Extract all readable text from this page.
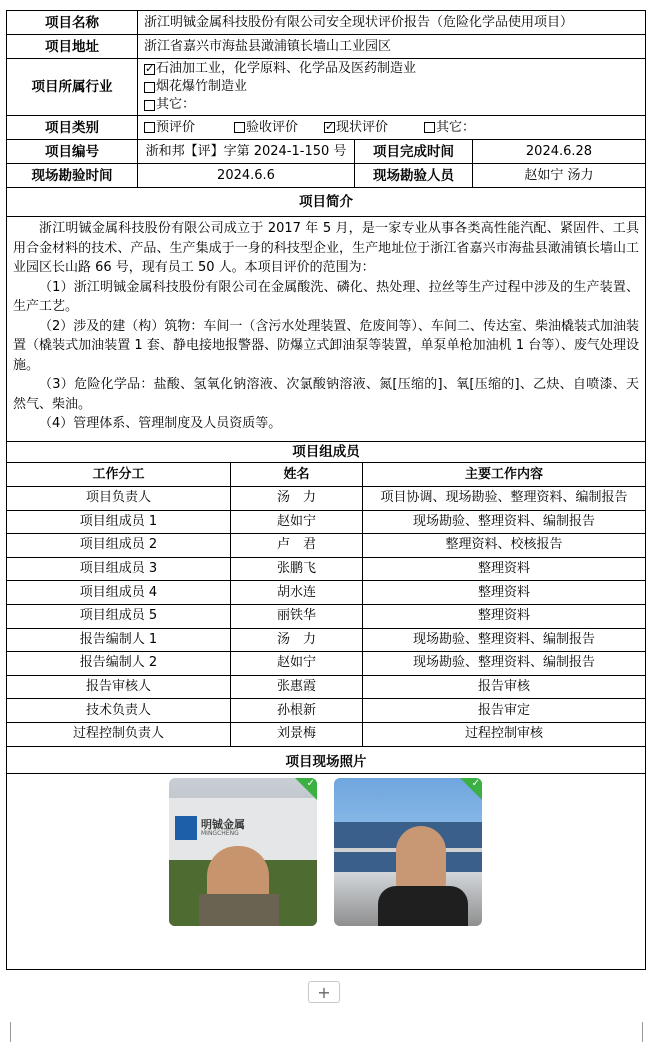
项目名称	浙江明铖金属科技股份有限公司安全现状评价报告（危险化学品使用项目）
项目地址	浙江省嘉兴市海盐县澉浦镇长墙山工业园区
项目所属行业
✓
石油加工业，化学原料、化学品及医药制造业
烟花爆竹制造业
其它：
项目类别	预评价	验收评价
✓	现状评价	其它：
项目编号	浙和邦【评】字第 2024-1-150 号	项目完成时间	2024.6.28
现场勘验时间	2024.6.6	现场勘验人员	赵如宁 汤力
项目简介

浙江明铖金属科技股份有限公司成立于 2017 年 5 月，是一家专业从事各类高性能汽配、紧固件、工具用合金材料的技术、产品、生产集成于一身的科技型企业，生产地址位于浙江省嘉兴市海盐县澉浦镇长墙山工业园区长山路 66 号，现有员工 50 人。本项目评价的范围为：

（1）浙江明铖金属科技股份有限公司在金属酸洗、磷化、热处理、拉丝等生产过程中涉及的生产装置、生产工艺。

（2）涉及的建（构）筑物：车间一（含污水处理装置、危废间等）、车间二、传达室、柴油橇装式加油装置（橇装式加油装置 1 套、静电接地报警器、防爆立式卸油泵等装置，单泵单枪加油机 1 台等）、废气处理设施。

（3）危险化学品：盐酸、氢氧化钠溶液、次氯酸钠溶液、氮[压缩的]、氧[压缩的]、乙炔、自喷漆、天然气、柴油。

（4）管理体系、管理制度及人员资质等。

项目组成员
工作分工	姓名	主要工作内容
项目负责人	汤　力	项目协调、现场勘验、整理资料、编制报告
项目组成员 1	赵如宁	现场勘验、整理资料、编制报告
项目组成员 2	卢　君	整理资料、校核报告
项目组成员 3	张鹏飞	整理资料
项目组成员 4	胡水连	整理资料
项目组成员 5	丽铁华	整理资料
报告编制人 1	汤　力	现场勘验、整理资料、编制报告
报告编制人 2	赵如宁	现场勘验、整理资料、编制报告
报告审核人	张惠霞	报告审核
技术负责人	孙根新	报告审定
过程控制负责人	刘景梅	过程控制审核
项目现场照片
明铖金属
MINGCHENG
✓	✓
+
